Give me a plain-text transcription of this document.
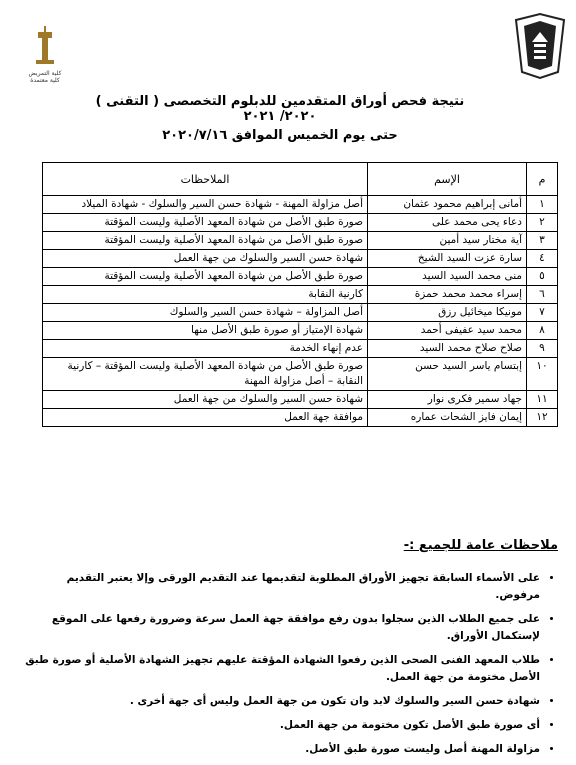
كلية التمريض
كلية معتمدة
نتيجة فحص أوراق المتقدمين للدبلوم التخصصى ( التقنى ) ٢٠٢٠/ ٢٠٢١
حتى يوم الخميس الموافق ٢٠٢٠/٧/١٦
م	الإسم	الملاحظات
١	أمانى إبراهيم محمود عثمان	أصل مزاولة المهنة - شهادة حسن السير والسلوك - شهادة الميلاد
٢	دعاء يحى محمد على	صورة طبق الأصل من شهادة المعهد الأصلية وليست المؤقتة
٣	آية مختار سيد أمين	صورة طبق الأصل من شهادة المعهد الأصلية وليست المؤقتة
٤	سارة عزت السيد الشيخ	شهادة حسن السير والسلوك من جهة العمل
٥	منى محمد السيد السيد	صورة طبق الأصل من شهادة المعهد الأصلية وليست المؤقتة
٦	إسراء محمد محمد حمزة	كارنية النقابة
٧	مونيكا ميخائيل رزق	أصل المزاولة – شهادة حسن السير والسلوك
٨	محمد سيد عفيفى أحمد	شهادة الإمتياز أو صورة طبق الأصل منها
٩	صلاح صلاح محمد السيد	عدم إنهاء الخدمة
١٠	إبتسام ياسر السيد حسن	صورة طبق الأصل من شهادة المعهد الأصلية وليست المؤقتة – كارنية النقابة – أصل مزاولة المهنة
١١	جهاد سمير فكرى نوار	شهادة حسن السير والسلوك من جهة العمل
١٢	إيمان فايز الشحات عماره	موافقة جهة العمل
ملاحظات عامة للجميع :-
• على الأسماء السابقة تجهيز الأوراق المطلوبة لتقديمها عند التقديم الورقى وإلا يعتبر التقديم مرفوض.
• على جميع الطلاب الذين سجلوا بدون رفع موافقة جهة العمل سرعة وضرورة رفعها على الموقع لإستكمال الأوراق.
• طلاب المعهد الفنى الصحى الذين رفعوا الشهادة المؤقتة عليهم تجهيز الشهادة الأصلية أو صورة طبق الأصل مختومة من جهة العمل.
• شهادة حسن السير والسلوك لابد وان تكون من جهة العمل وليس أى جهة أخرى .
• أى صورة طبق الأصل تكون مختومة من جهة العمل.
• مزاولة المهنة أصل وليست صورة طبق الأصل.
